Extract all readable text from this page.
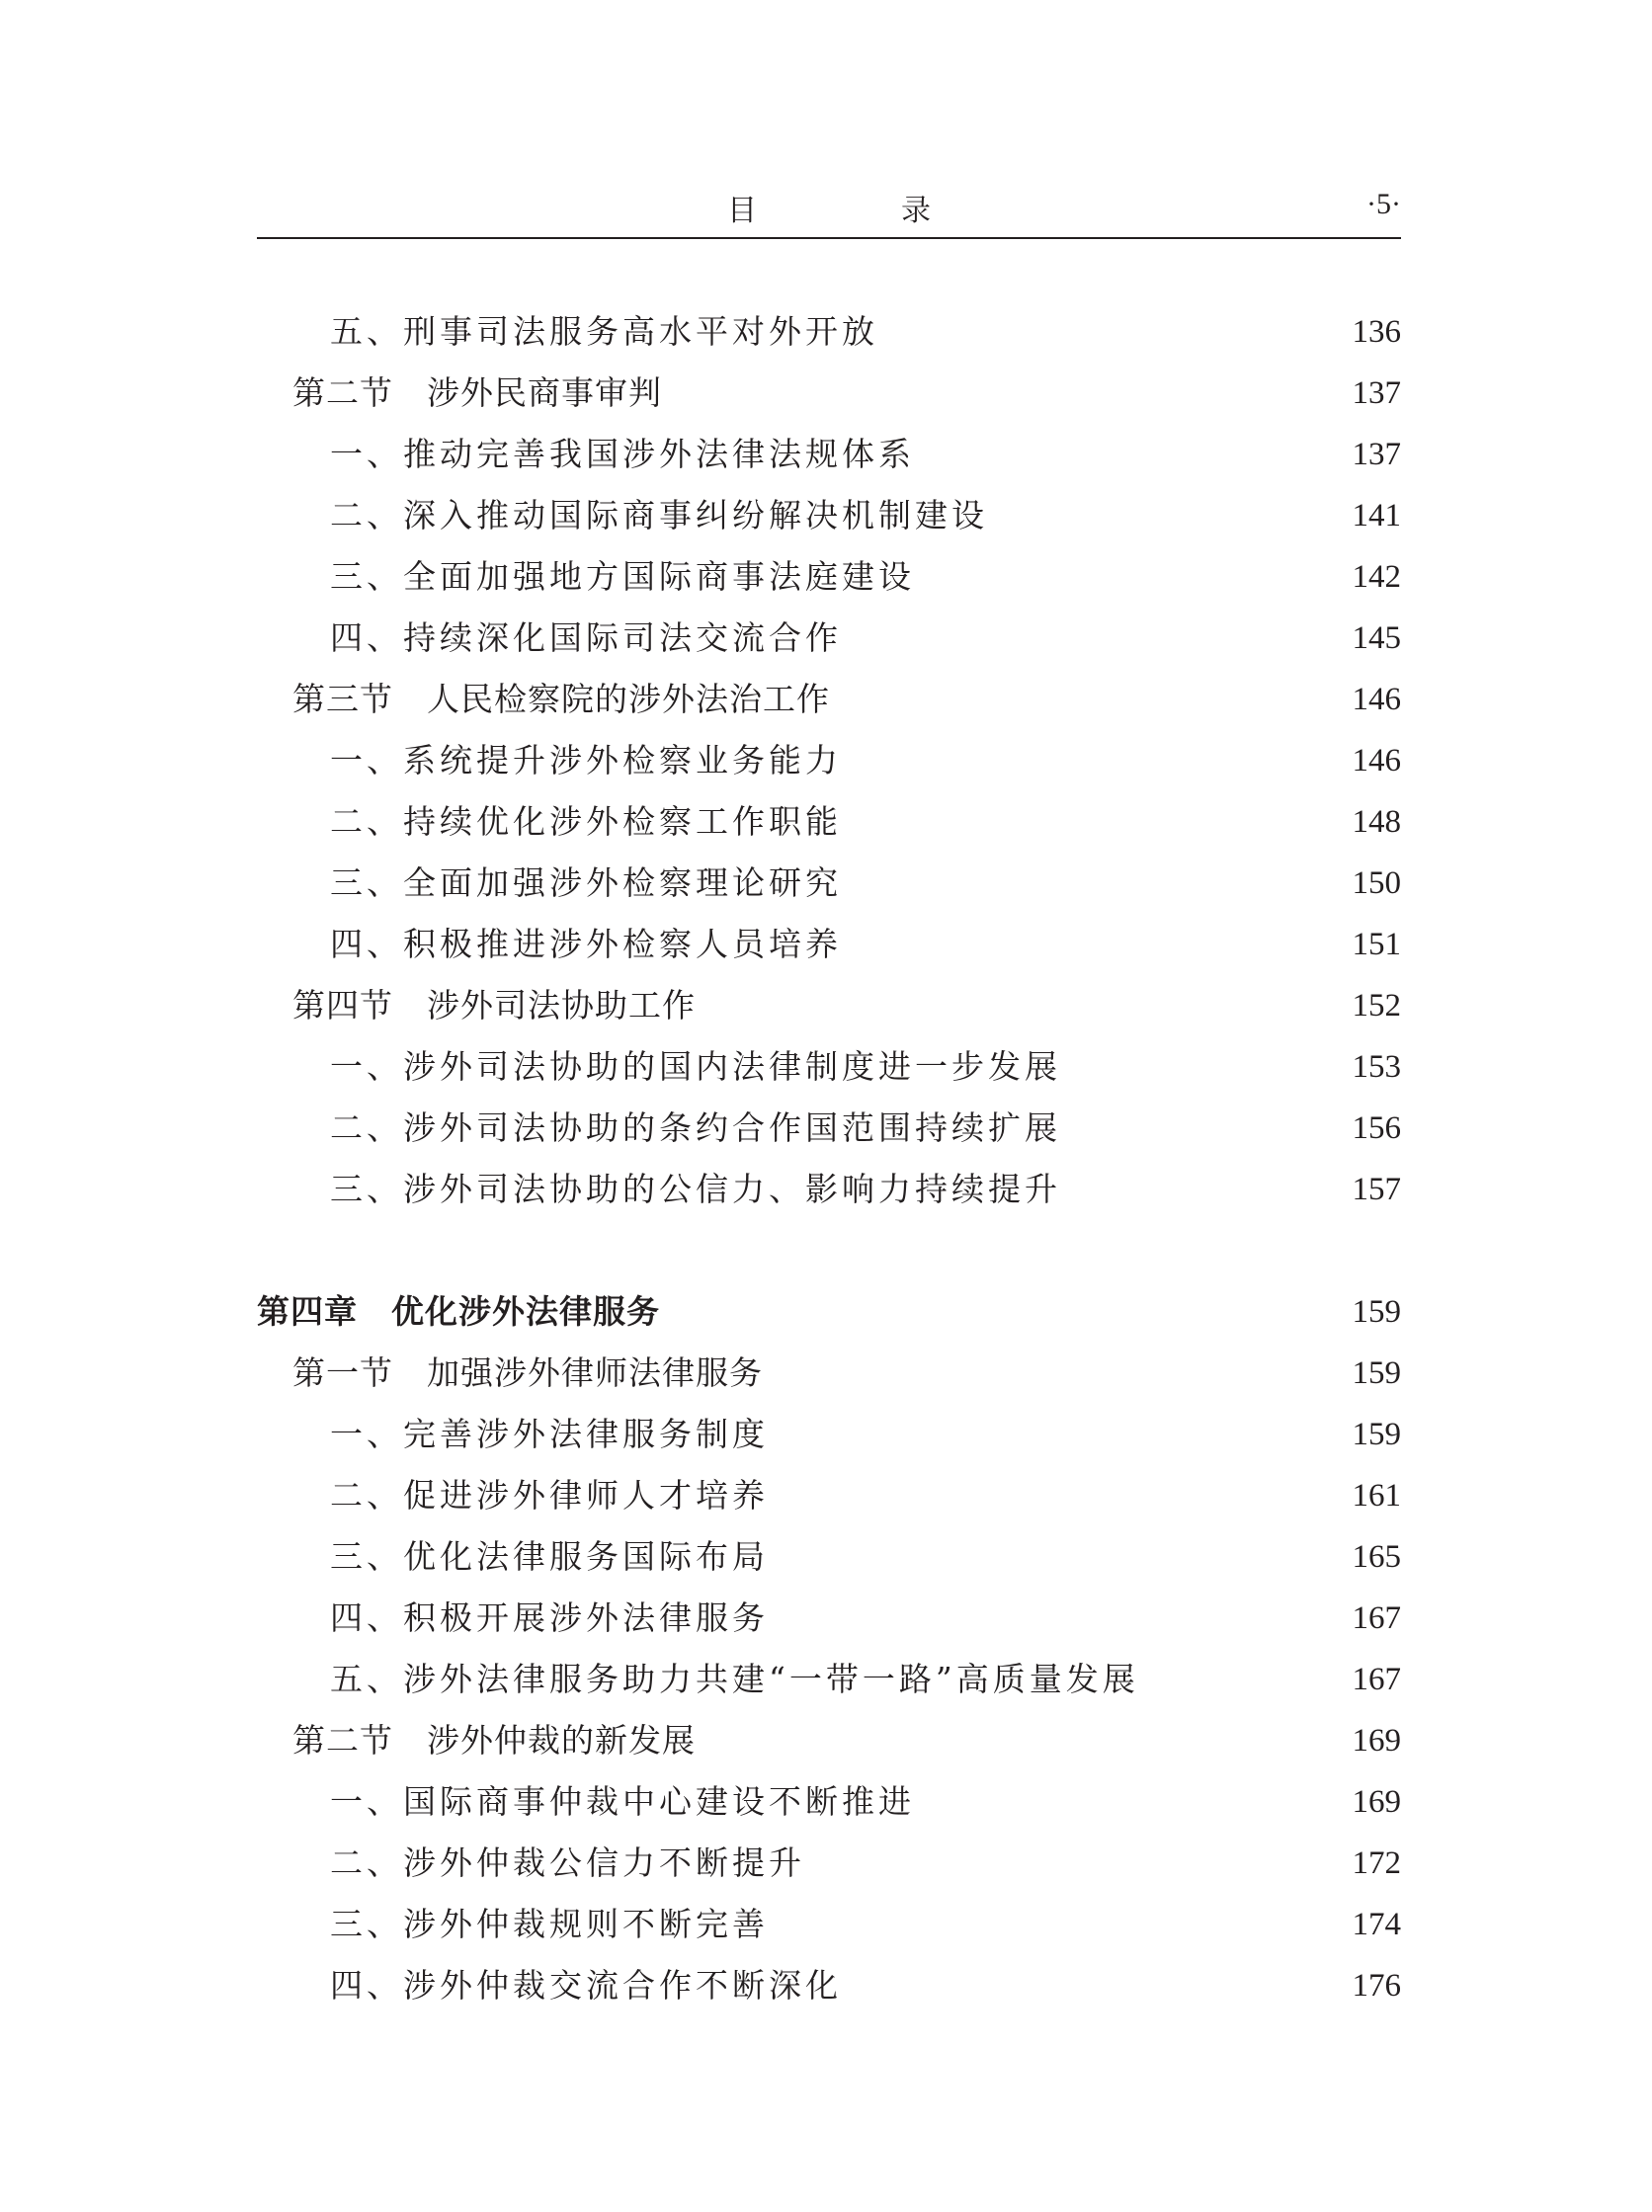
目　录	·5·
五、刑事司法服务高水平对外开放	136
第二节　涉外民商事审判	137
一、推动完善我国涉外法律法规体系	137
二、深入推动国际商事纠纷解决机制建设	141
三、全面加强地方国际商事法庭建设	142
四、持续深化国际司法交流合作	145
第三节　人民检察院的涉外法治工作	146
一、系统提升涉外检察业务能力	146
二、持续优化涉外检察工作职能	148
三、全面加强涉外检察理论研究	150
四、积极推进涉外检察人员培养	151
第四节　涉外司法协助工作	152
一、涉外司法协助的国内法律制度进一步发展	153
二、涉外司法协助的条约合作国范围持续扩展	156
三、涉外司法协助的公信力、影响力持续提升	157
第四章　优化涉外法律服务	159
第一节　加强涉外律师法律服务	159
一、完善涉外法律服务制度	159
二、促进涉外律师人才培养	161
三、优化法律服务国际布局	165
四、积极开展涉外法律服务	167
五、涉外法律服务助力共建“一带一路”高质量发展	167
第二节　涉外仲裁的新发展	169
一、国际商事仲裁中心建设不断推进	169
二、涉外仲裁公信力不断提升	172
三、涉外仲裁规则不断完善	174
四、涉外仲裁交流合作不断深化	176
